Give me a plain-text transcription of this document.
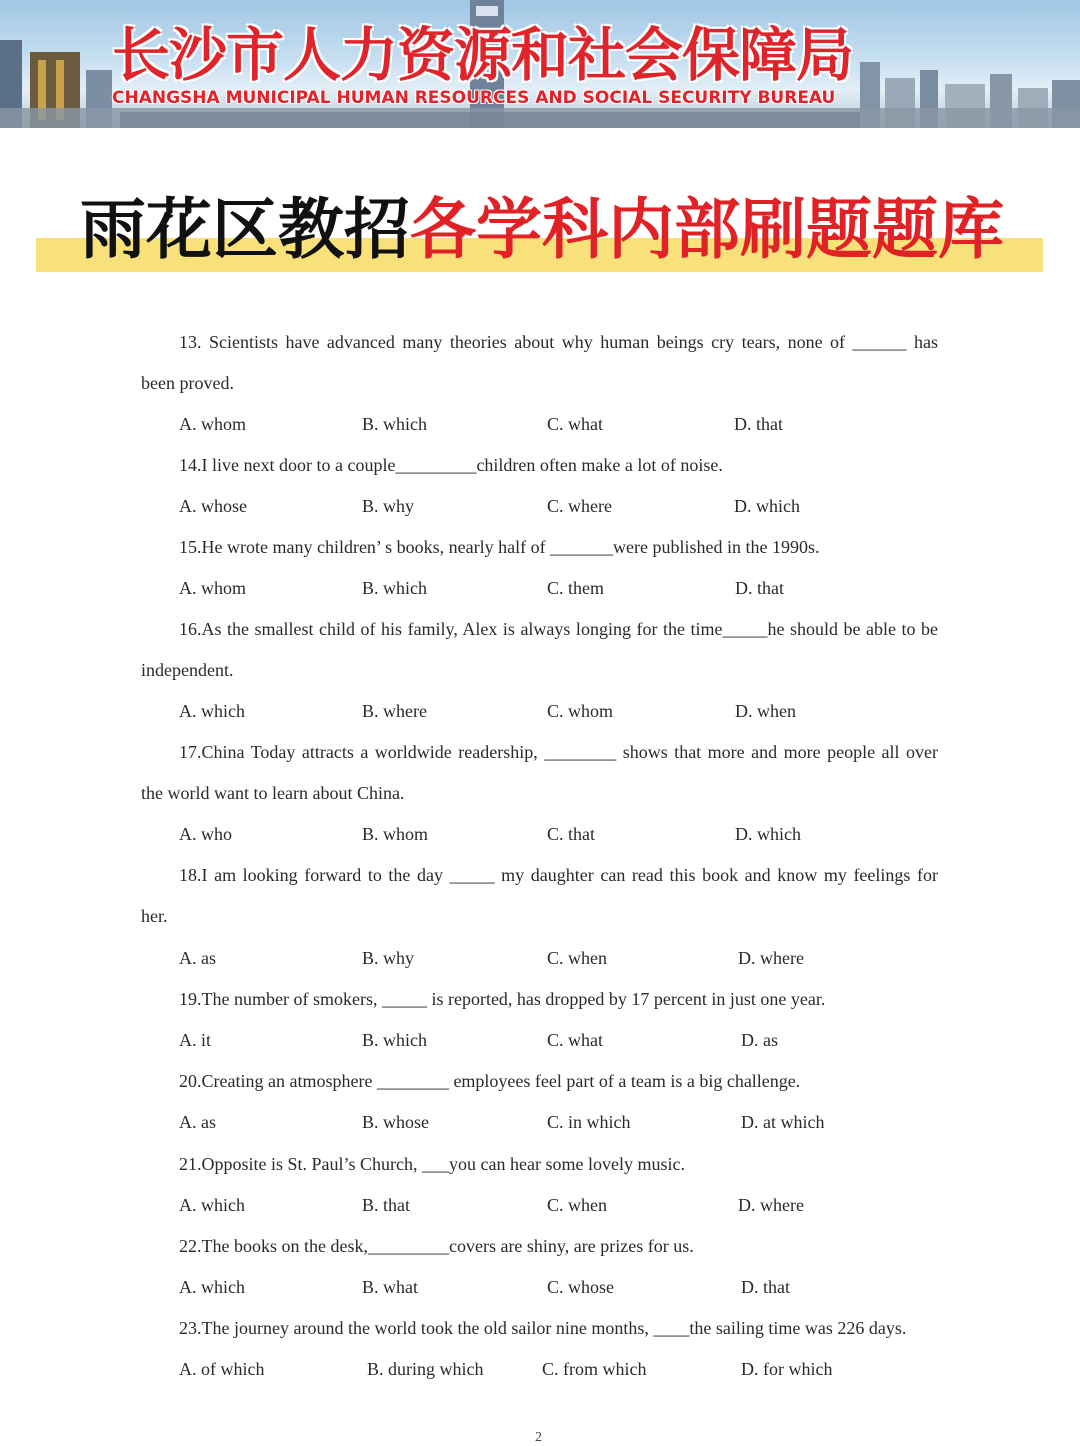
长沙市人力资源和社会保障局
CHANGSHA MUNICIPAL HUMAN RESOURCES AND SOCIAL SECURITY BUREAU
雨花区教招各学科内部刷题题库
13. Scientists have advanced many theories about why human beings cry tears, none of ______ has
been proved.
A. whom	B. which	C. what	D. that
14.I live next door to a couple_________children often make a lot of noise.
A. whose	B. why	C. where	D. which
15.He wrote many children’ s books, nearly half of _______were published in the 1990s.
A. whom	B. which	C. them	D. that
16.As the smallest child of his family, Alex is always longing for the time_____he should be able to be
independent.
A. which	B. where	C. whom	D. when
17.China Today attracts a worldwide readership, ________ shows that more and more people all over
the world want to learn about China.
A. who	B. whom	C. that	D. which
18.I am looking forward to the day _____ my daughter can read this book and know my feelings for
her.
A. as	B. why	C. when	D. where
19.The number of smokers, _____ is reported, has dropped by 17 percent in just one year.
A. it	B. which	C. what	D. as
20.Creating an atmosphere ________ employees feel part of a team is a big challenge.
A. as	B. whose	C. in which	D. at which
21.Opposite is St. Paul’s Church, ___you can hear some lovely music.
A. which	B. that	C. when	D. where
22.The books on the desk,_________covers are shiny, are prizes for us.
A. which	B. what	C. whose	D. that
23.The journey around the world took the old sailor nine months, ____the sailing time was 226 days.
A. of which	B. during which	C. from which	D. for which
2
